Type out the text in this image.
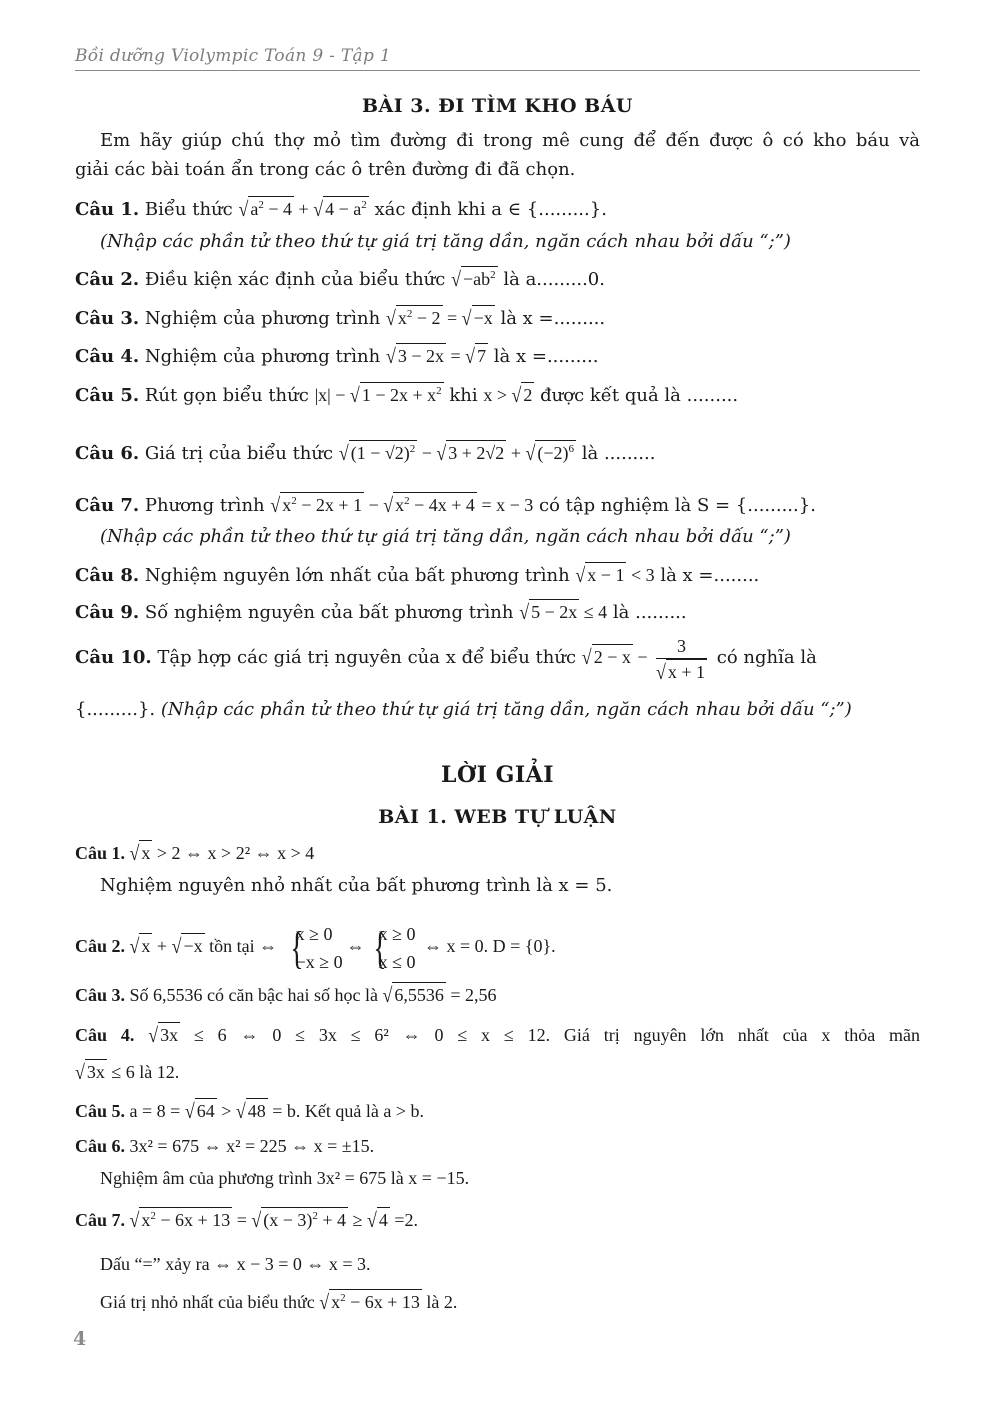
Bồi dưỡng Violympic Toán 9 - Tập 1
BÀI 3. ĐI TÌM KHO BÁU
Em hãy giúp chú thợ mỏ tìm đường đi trong mê cung để đến được ô có kho báu và
giải các bài toán ẩn trong các ô trên đường đi đã chọn.
Câu 1. Biểu thức √ $a^2 - 4$ + √ $4 - a^2$ xác định khi a ∈ {.........}.
(Nhập các phần tử theo thứ tự giá trị tăng dần, ngăn cách nhau bởi dấu “;”)
Câu 2. Điều kiện xác định của biểu thức √ $-ab^2$ là a.........0.
Câu 3. Nghiệm của phương trình √ $x^2 - 2$ = √ −x là x =.........
Câu 4. Nghiệm của phương trình √ 3 − 2x = √ 7 là x =.........
Câu 5. Rút gọn biểu thức |x| − √ $1 - 2x + x^2$ khi x > √ 2 được kết quả là .........
Câu 6. Giá trị của biểu thức √ $(1 - √2)^2$ − √ 3 + 2√2 + √ $(-2)^6$ là .........
Câu 7. Phương trình √ $x^2 - 2x + 1$ − √ $x^2 - 4x + 4 = x - 3$ có tập nghiệm là S = {.........}.
(Nhập các phần tử theo thứ tự giá trị tăng dần, ngăn cách nhau bởi dấu “;”)
Câu 8. Nghiệm nguyên lớn nhất của bất phương trình √ x − 1 < 3 là x =........
Câu 9. Số nghiệm nguyên của bất phương trình √ 5 − 2x ≤ 4 là .........
Câu 10. Tập hợp các giá trị nguyên của x để biểu thức √ $2 - x - \frac{3}{√ x + 1}$ có nghĩa là
{.........}. (Nhập các phần tử theo thứ tự giá trị tăng dần, ngăn cách nhau bởi dấu “;”)
LỜI GIẢI
BÀI 1. WEB TỰ LUẬN
Câu 1. √ x > 2 ⇔ x > 2² ⇔ x > 4
Nghiệm nguyên nhỏ nhất của bất phương trình là x = 5.
Câu 2. √ x + √ −x tồn tại ⇔ {
x ≥ 0
−x ≥ 0
⇔ {
x ≥ 0
x ≤ 0
⇔ x = 0. D = {0}.
Câu 3. Số 6,5536 có căn bậc hai số học là √ 6,5536 = 2,56
Câu 4. √ 3x ≤ 6 ⇔ 0 ≤ 3x ≤ 6² ⇔ 0 ≤ x ≤ 12. Giá trị nguyên lớn nhất của x thỏa mãn
√ 3x ≤ 6 là 12.
Câu 5. a = 8 = √ 64 > √ 48 = b. Kết quả là a > b.
Câu 6. 3x² = 675 ⇔ x² = 225 ⇔ x = ±15.
Nghiệm âm của phương trình 3x² = 675 là x = −15.
Câu 7. √ $x^2 - 6x + 13$ = √ $(x - 3)^2 + 4$ ≥ √ 4 =2.
Dấu “=” xảy ra ⇔ x − 3 = 0 ⇔ x = 3.
Giá trị nhỏ nhất của biểu thức √ $x^2 - 6x + 13$ là 2.
4
